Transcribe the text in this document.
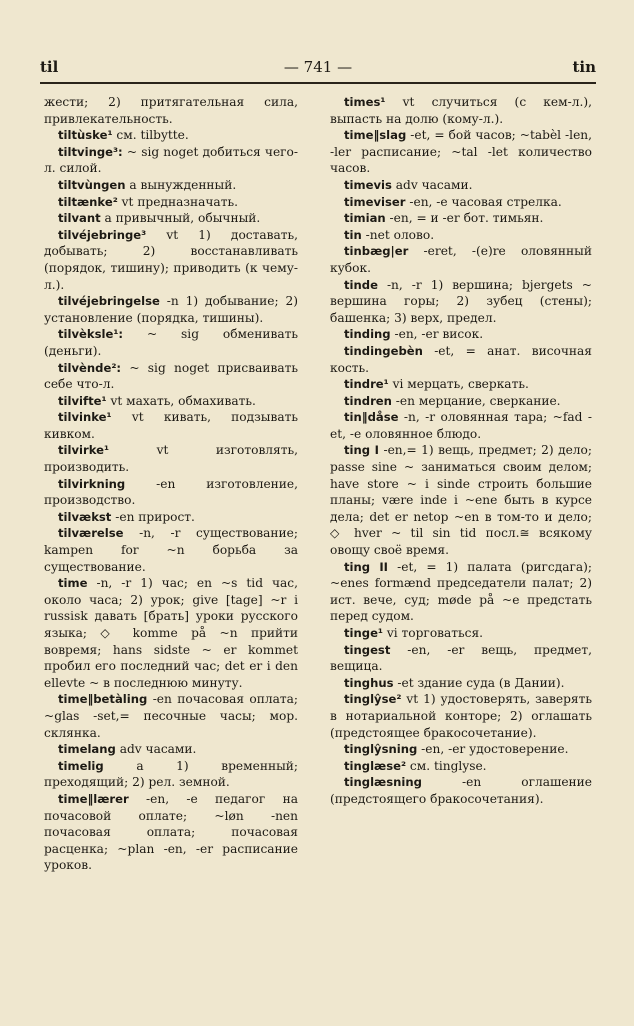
til	— 741 —	tin

жести; 2) притягательная сила, привлекательность.

tiltùske¹ см. tilbytte.

tiltvinge³: ~ sig noget добиться чего-л. силой.

tiltvùngen а вынужденный.

tiltænke² vt предназначать.

tilvant а привычный, обычный.

tilvéjebringe³ vt 1) доставать, добывать; 2) восстанавливать (порядок, тишину); приводить (к чему-л.).

tilvéjebringelse -n 1) добывание; 2) установление (порядка, тишины).

tilvèksle¹: ~ sig обменивать (деньги).

tilvènde²: ~ sig noget присваивать себе что-л.

tilvifte¹ vt махать, обмахивать.

tilvinke¹ vt кивать, подзывать кивком.

tilvirke¹	vt изготовлять, производить.

tilvirkning	-en изготовление, производство.

tilvækst -en прирост.

tilværelse -n, -r существование; kampen for ~n борьба за существование.

time -n, -r 1) час; en ~s tid час, около часа; 2) урок; give [tage] ~r i russisk давать [брать] уроки русского языка; ◇ komme på ~n прийти вовремя; hans sidste ~ er kommet пробил его последний час; det er i den ellevte ~ в последнюю минуту.

time‖betàling -en почасовая оплата; ~glas -set,= песочные часы; мор. склянка.

timelang adv часами.

timelig	а 1) временный; преходящий; 2) рел. земной.

time‖lærer -en, -e педагог на почасовой оплате; ~løn -nen почасовая оплата; почасовая расценка; ~plan -en, -er расписание уроков.

times¹ vt случиться (с кем-л.), выпасть на долю (кому-л.).

time‖slag -et, = бой часов; ~tabèl -len, -ler расписание; ~tal -let количество часов.

timevis adv часами.

timeviser -en, -e часовая стрелка.

timian -en, = и -er бот. тимьян.

tin -net олово.

tinbæg|er -eret, -(e)re оловянный кубок.

tinde -n, -r 1) вершина; bjergets ~ вершина горы; 2) зубец (стены); башенка; 3) верх, предел.

tinding -en, -er висок.

tindingebèn -et, = анат. височная кость.

tindre¹ vi мерцать, сверкать.

tindren -en мерцание, сверкание.

tin‖dåse -n, -r оловянная тара; ~fad -et, -e оловянное блюдо.

ting I -en,= 1) вещь, предмет; 2) дело; passe sine ~ заниматься своим делом; have store ~ i sinde строить большие планы; være inde i ~ene быть в курсе дела; det er netop ~en в том-то и дело; ◇ hver ~ til sin tid посл.≅ всякому овощу своё время.

ting II -et, = 1) палата (ригсдага); ~enes formænd председатели палат; 2) ист. вече, суд; møde på ~e предстать перед судом.

tinge¹ vi торговаться.

tingest -en, -er вещь, предмет, вещица.

tinghus -et здание суда (в Дании).

tinglŷse² vt 1) удостоверять, заверять в нотариальной конторе; 2) оглашать (предстоящее бракосочетание).

tinglŷsning -en, -er удостоверение.

tinglæse² см. tinglyse.

tinglæsning	-en оглашение (предстоящего бракосочетания).
